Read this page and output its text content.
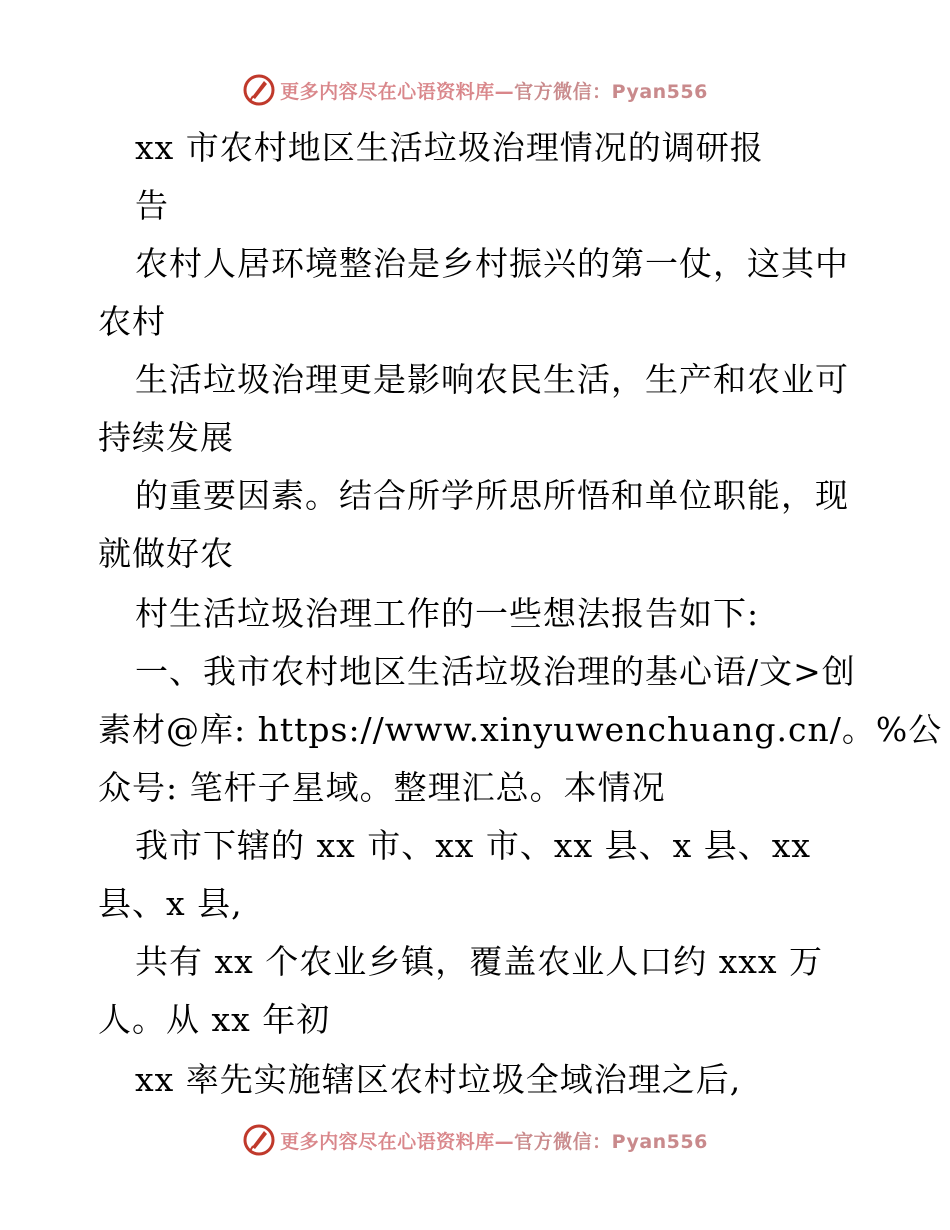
更多内容尽在心语资料库—官方微信：Pyan556
xx 市农村地区生活垃圾治理情况的调研报
告
农村人居环境整治是乡村振兴的第一仗，这其中
农村
生活垃圾治理更是影响农民生活，生产和农业可
持续发展
的重要因素。结合所学所思所悟和单位职能，现
就做好农
村生活垃圾治理工作的一些想法报告如下:
一、我市农村地区生活垃圾治理的基心语/文>创
素材@库: https://www.xinyuwenchuang.cn/。%公
众号: 笔杆子星域。整理汇总。本情况
我市下辖的 xx 市、xx 市、xx 县、x 县、xx
县、x 县,
共有 xx 个农业乡镇，覆盖农业人口约 xxx 万
人。从 xx 年初
xx 率先实施辖区农村垃圾全域治理之后,
更多内容尽在心语资料库—官方微信：Pyan556
